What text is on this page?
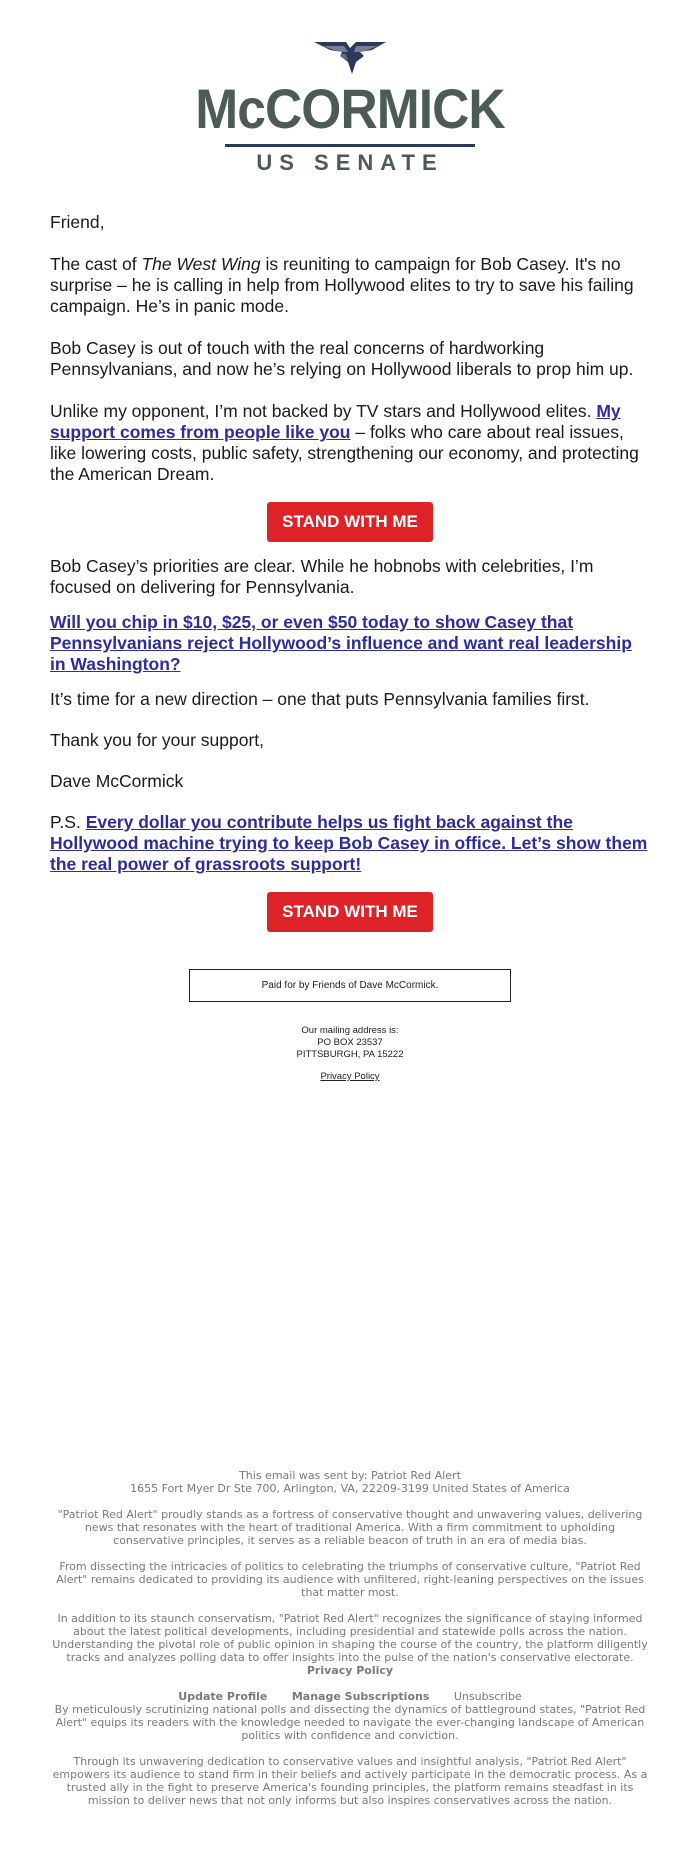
McCORMICK
US SENATE

Friend,

The cast of The West Wing is reuniting to campaign for Bob Casey. It's no surprise – he is calling in help from Hollywood elites to try to save his failing campaign. He’s in panic mode.

Bob Casey is out of touch with the real concerns of hardworking Pennsylvanians, and now he’s relying on Hollywood liberals to prop him up.

Unlike my opponent, I’m not backed by TV stars and Hollywood elites. My support comes from people like you – folks who care about real issues, like lowering costs, public safety, strengthening our economy, and protecting the American Dream.

STAND WITH ME

Bob Casey’s priorities are clear. While he hobnobs with celebrities, I’m focused on delivering for Pennsylvania.

Will you chip in $10, $25, or even $50 today to show Casey that Pennsylvanians reject Hollywood’s influence and want real leadership in Washington?

It’s time for a new direction – one that puts Pennsylvania families first.

Thank you for your support,

Dave McCormick

P.S. Every dollar you contribute helps us fight back against the Hollywood machine trying to keep Bob Casey in office. Let’s show them the real power of grassroots support!

STAND WITH ME
Paid for by Friends of Dave McCormick.
Our mailing address is:
PO BOX 23537
PITTSBURGH, PA 15222
Privacy Policy

This email was sent by: Patriot Red Alert

1655 Fort Myer Dr Ste 700, Arlington, VA, 22209-3199 United States of America

"Patriot Red Alert" proudly stands as a fortress of conservative thought and unwavering values, delivering news that resonates with the heart of traditional America. With a firm commitment to upholding conservative principles, it serves as a reliable beacon of truth in an era of media bias.

From dissecting the intricacies of politics to celebrating the triumphs of conservative culture, "Patriot Red Alert" remains dedicated to providing its audience with unfiltered, right-leaning perspectives on the issues that matter most.

In addition to its staunch conservatism, "Patriot Red Alert" recognizes the significance of staying informed about the latest political developments, including presidential and statewide polls across the nation. Understanding the pivotal role of public opinion in shaping the course of the country, the platform diligently tracks and analyzes polling data to offer insights into the pulse of the nation's conservative electorate.

Privacy Policy

Update Profile Manage Subscriptions Unsubscribe

By meticulously scrutinizing national polls and dissecting the dynamics of battleground states, "Patriot Red Alert" equips its readers with the knowledge needed to navigate the ever-changing landscape of American politics with confidence and conviction.

Through its unwavering dedication to conservative values and insightful analysis, "Patriot Red Alert" empowers its audience to stand firm in their beliefs and actively participate in the democratic process. As a trusted ally in the fight to preserve America's founding principles, the platform remains steadfast in its mission to deliver news that not only informs but also inspires conservatives across the nation.
